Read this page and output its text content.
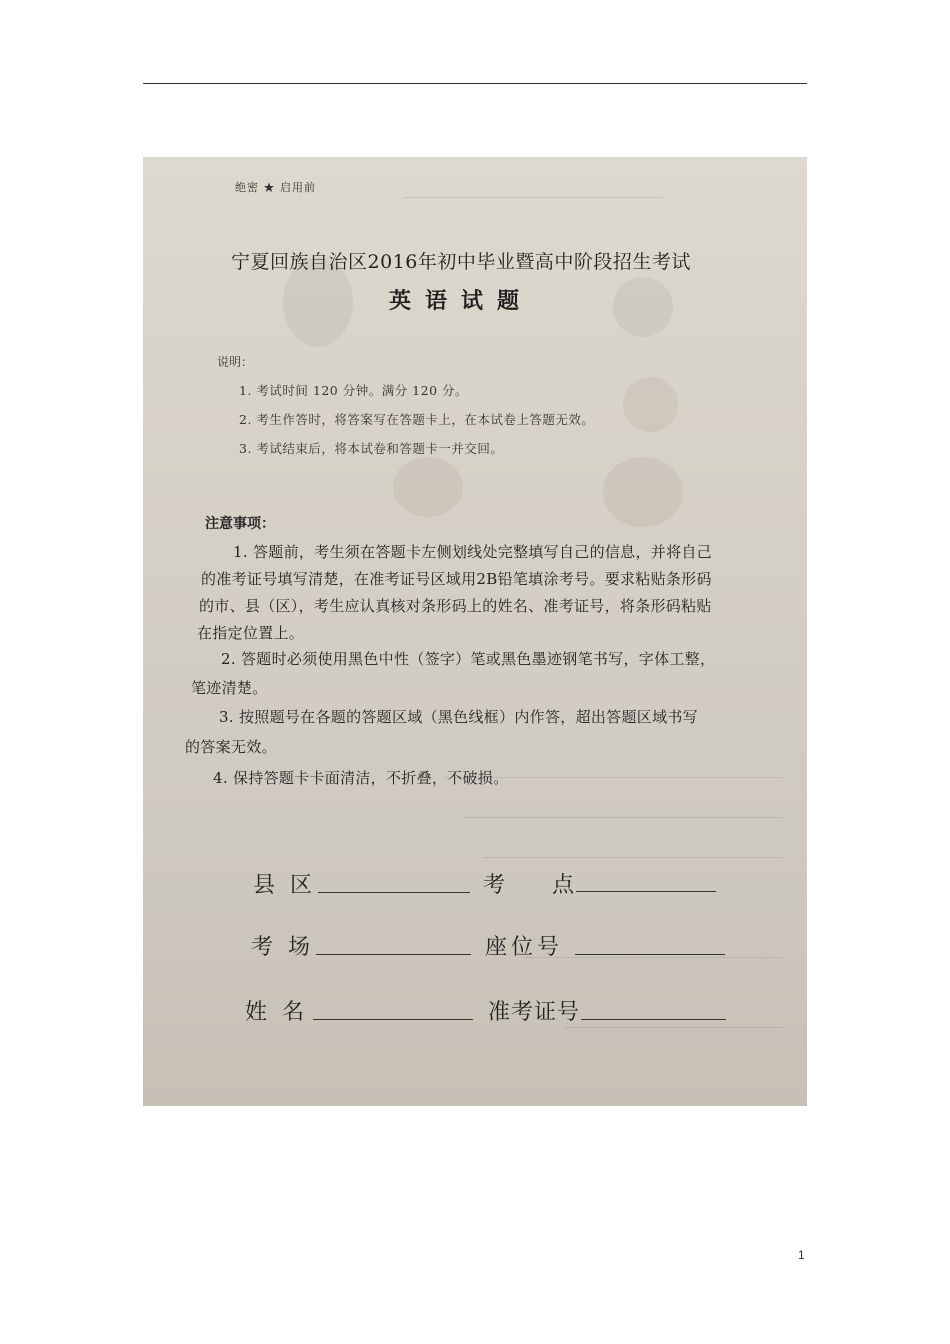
绝密 ★ 启用前
宁夏回族自治区2016年初中毕业暨高中阶段招生考试
英语试题
说明：
1. 考试时间 120 分钟。满分 120 分。
2. 考生作答时，将答案写在答题卡上，在本试卷上答题无效。
3. 考试结束后，将本试卷和答题卡一并交回。
注意事项：
1. 答题前，考生须在答题卡左侧划线处完整填写自己的信息，并将自己
的准考证号填写清楚，在准考证号区域用2B铅笔填涂考号。要求粘贴条形码
的市、县（区），考生应认真核对条形码上的姓名、准考证号，将条形码粘贴
在指定位置上。
2. 答题时必须使用黑色中性（签字）笔或黑色墨迹钢笔书写，字体工整，
笔迹清楚。
3. 按照题号在各题的答题区域（黑色线框）内作答，超出答题区域书写
的答案无效。
4. 保持答题卡卡面清洁，不折叠，不破损。
县 区	考 点
考 场	座位号
姓 名	准考证号
1
